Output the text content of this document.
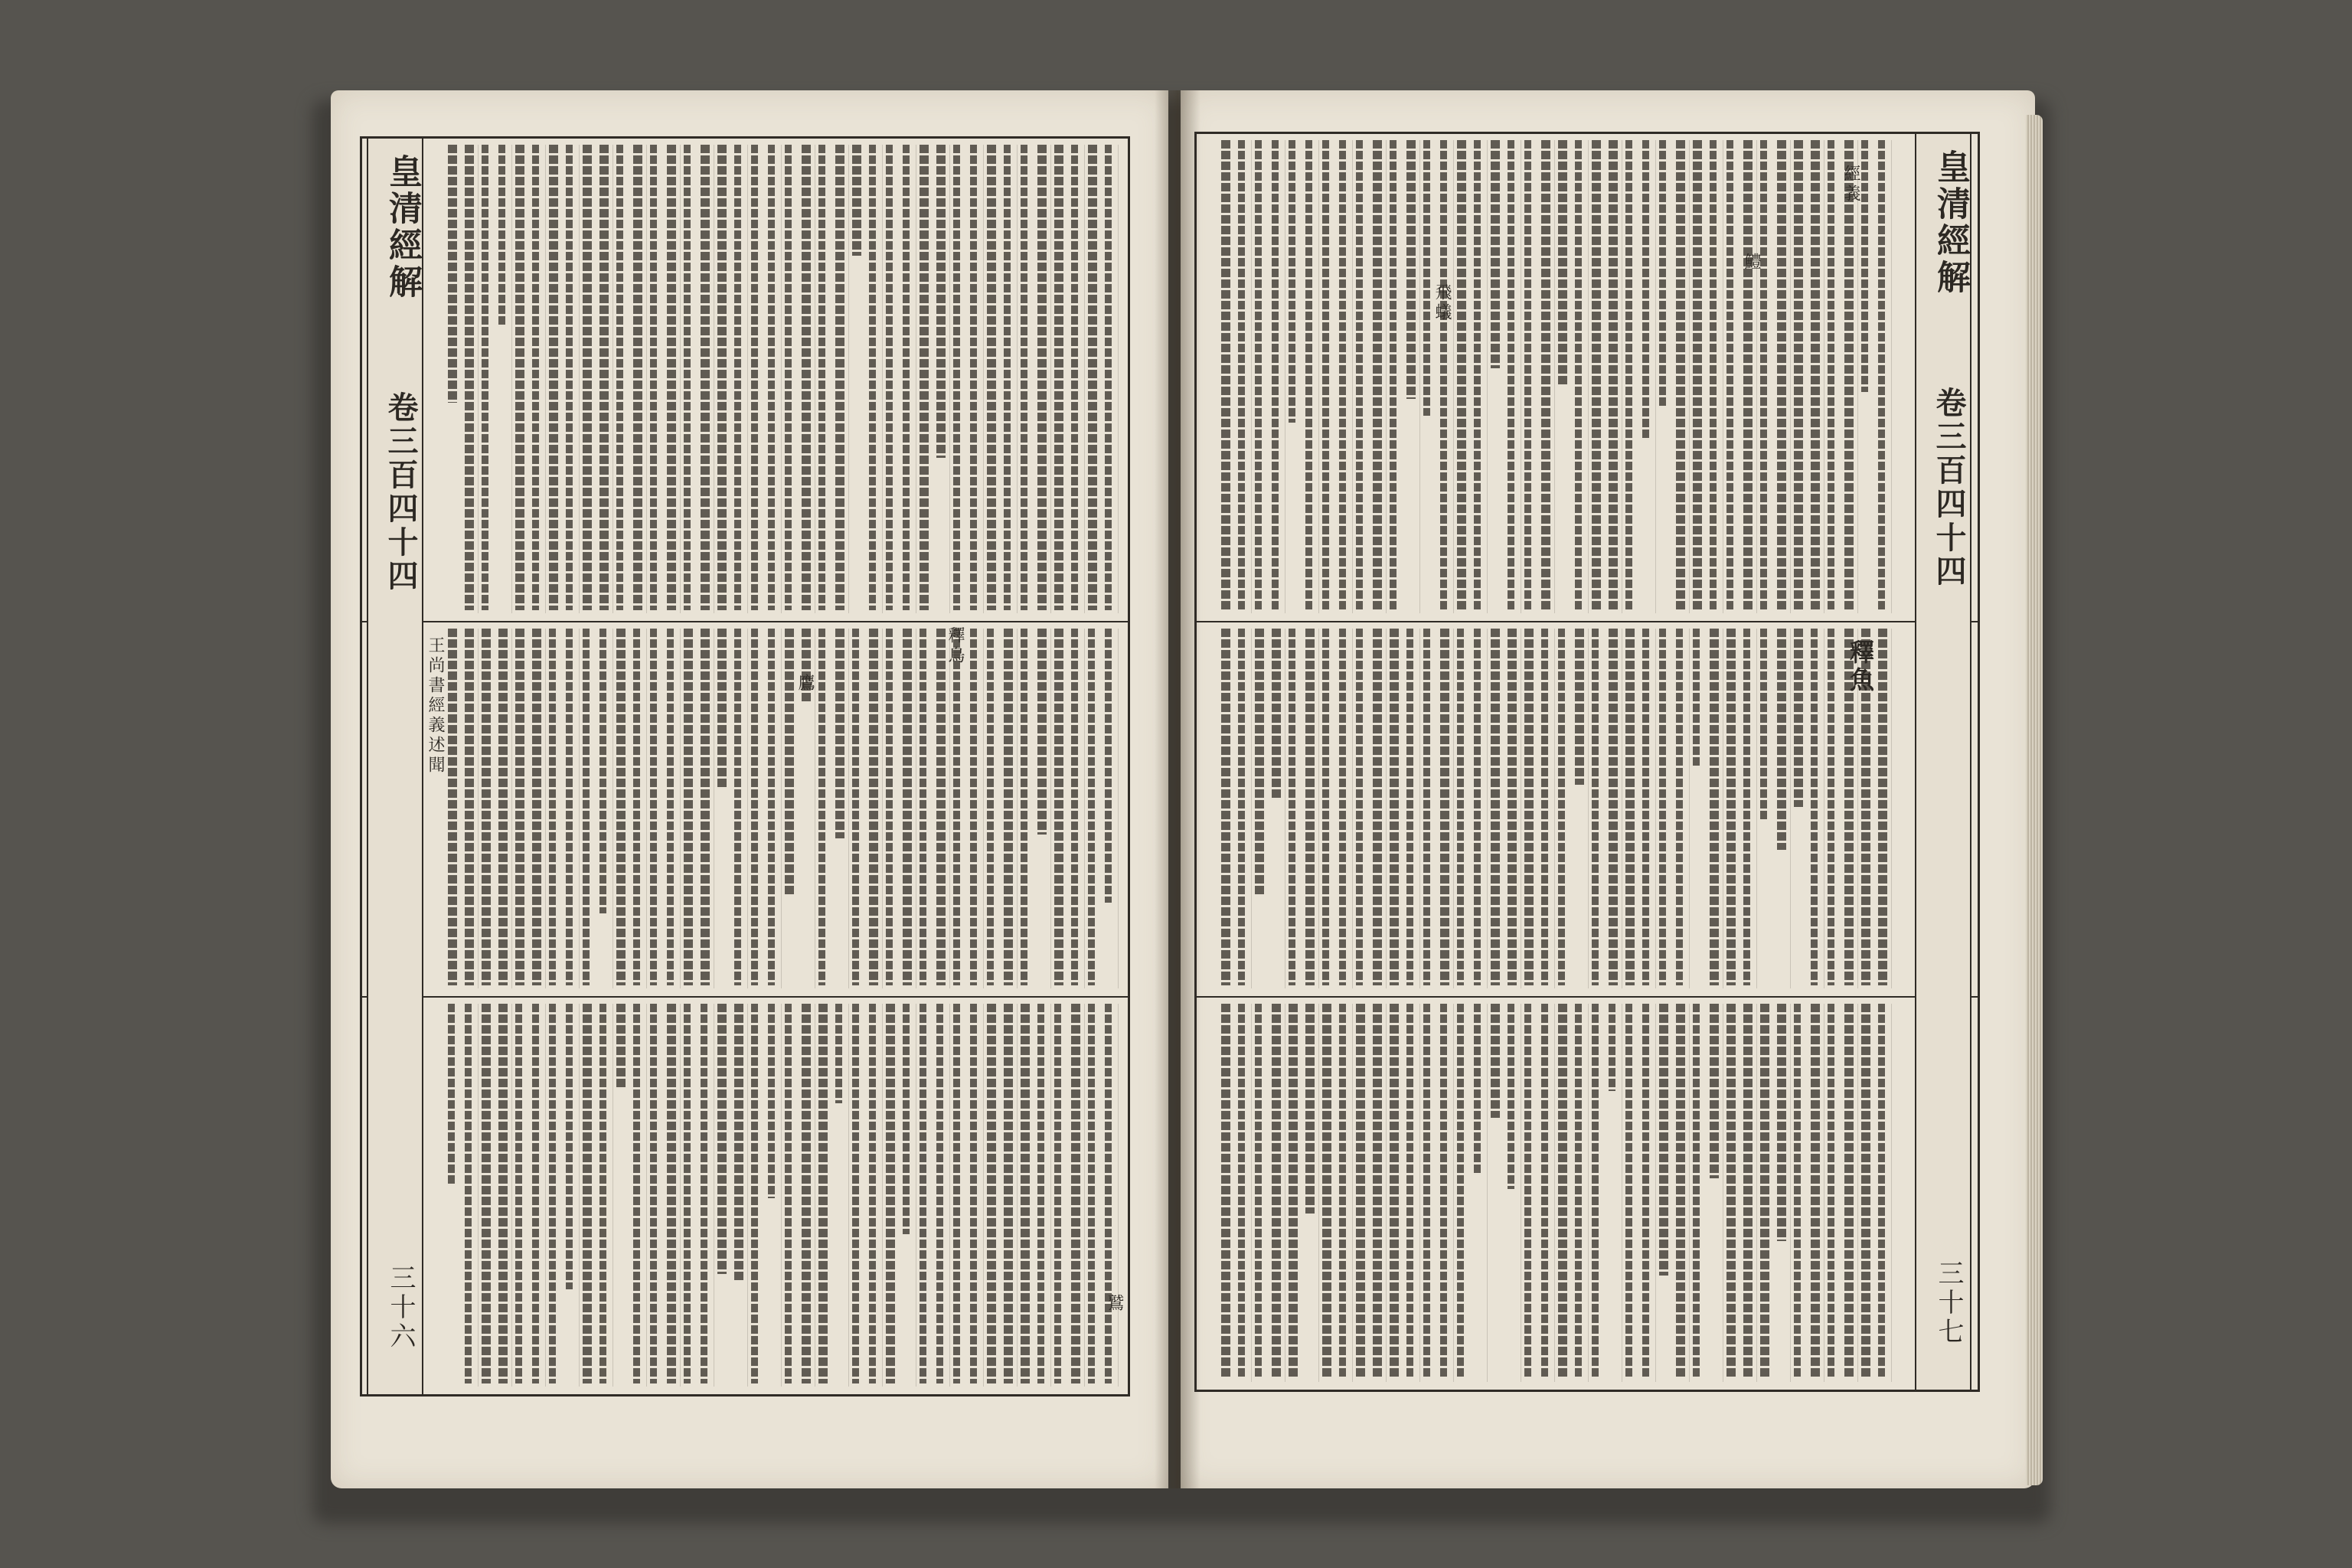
皇清經解
卷三百四十四
三十六
王尚書經義述聞
皇清經解
卷三百四十四
三十七
釋魚
經義
釋鳥
鷹
鷲
飛蟻
鱧
